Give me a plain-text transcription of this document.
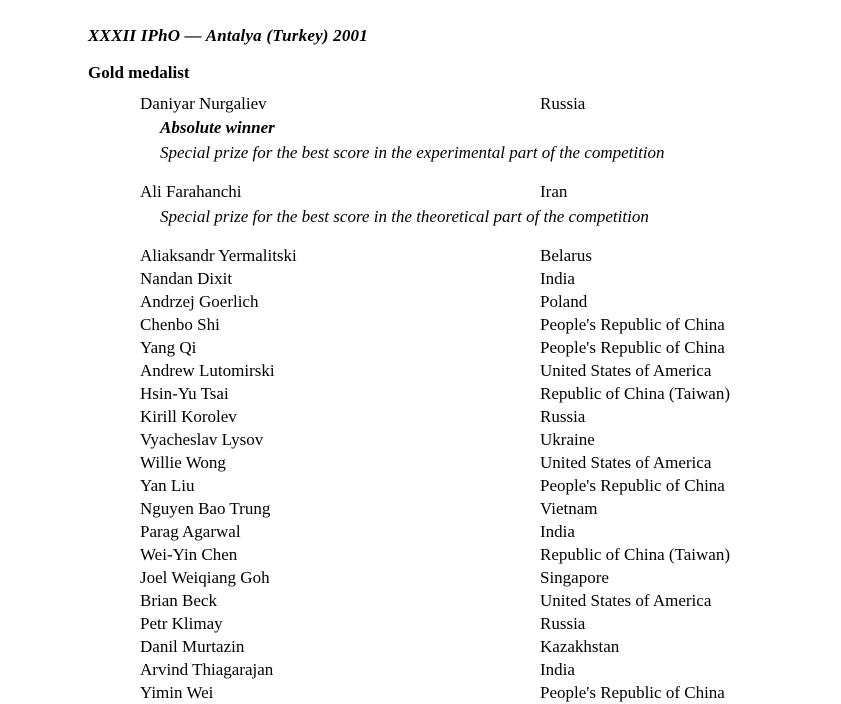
XXXII IPhO — Antalya (Turkey) 2001
Gold medalist
Daniyar Nurgaliev	Russia
Absolute winner
Special prize for the best score in the experimental part of the competition
Ali Farahanchi	Iran
Special prize for the best score in the theoretical part of the competition
Aliaksandr Yermalitski	Belarus
Nandan Dixit	India
Andrzej Goerlich	Poland
Chenbo Shi	People's Republic of China
Yang Qi	People's Republic of China
Andrew Lutomirski	United States of America
Hsin-Yu Tsai	Republic of China (Taiwan)
Kirill Korolev	Russia
Vyacheslav Lysov	Ukraine
Willie Wong	United States of America
Yan Liu	People's Republic of China
Nguyen Bao Trung	Vietnam
Parag Agarwal	India
Wei-Yin Chen	Republic of China (Taiwan)
Joel Weiqiang Goh	Singapore
Brian Beck	United States of America
Petr Klimay	Russia
Danil Murtazin	Kazakhstan
Arvind Thiagarajan	India
Yimin Wei	People's Republic of China
